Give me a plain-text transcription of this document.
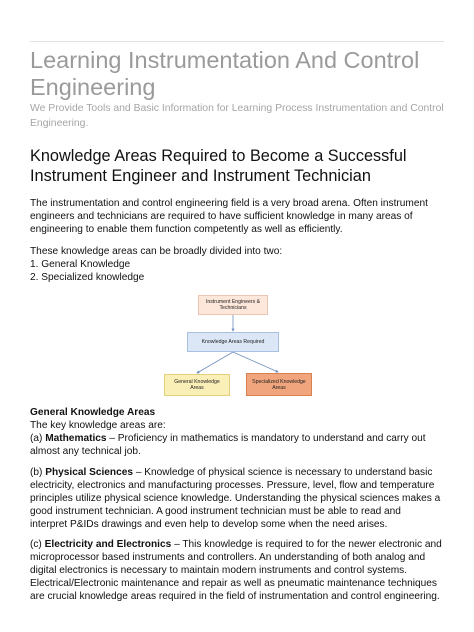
Learning Instrumentation And Control Engineering

We Provide Tools and Basic Information for Learning Process Instrumentation and Control Engineering.

Knowledge Areas Required to Become a Successful
Instrument Engineer and Instrument Technician

The instrumentation and control engineering field is a very broad arena. Often instrument
engineers and technicians are required to have sufficient knowledge in many areas of
engineering to enable them function competently as well as efficiently.

These knowledge areas can be broadly divided into two:
1. General Knowledge
2. Specialized knowledge

Instrument Engineers & Technicians
Knowledge Areas Required
General Knowledge Areas
Specialized Knowledge Areas

General Knowledge Areas

The key knowledge areas are:

(a) Mathematics – Proficiency in mathematics is mandatory to understand and carry out
almost any technical job.

(b) Physical Sciences – Knowledge of physical science is necessary to understand basic
electricity, electronics and manufacturing processes. Pressure, level, flow and temperature
principles utilize physical science knowledge. Understanding the physical sciences makes a
good instrument technician. A good instrument technician must be able to read and
interpret P&IDs drawings and even help to develop some when the need arises.

(c) Electricity and Electronics – This knowledge is required to for the newer electronic and
microprocessor based instruments and controllers. An understanding of both analog and
digital electronics is necessary to maintain modern instruments and control systems.
Electrical/Electronic maintenance and repair as well as pneumatic maintenance techniques
are crucial knowledge areas required in the field of instrumentation and control engineering.
